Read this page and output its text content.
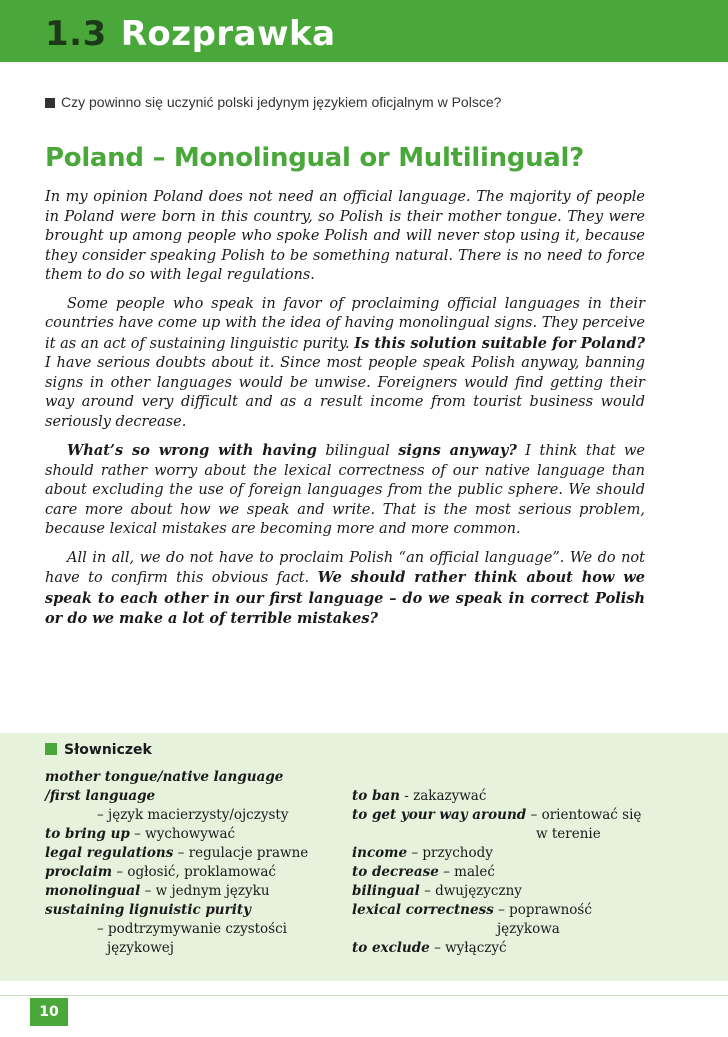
1.3 Rozprawka
Czy powinno się uczynić polski jedynym językiem oficjalnym w Polsce?
Poland – Monolingual or Multilingual?

In my opinion Poland does not need an official language. The majority of people in Poland were born in this country, so Polish is their mother tongue. They were brought up among people who spoke Polish and will never stop using it, because they consider speaking Polish to be something natural. There is no need to force them to do so with legal regulations.

Some people who speak in favor of proclaiming official languages in their countries have come up with the idea of having monolingual signs. They perceive it as an act of sustaining linguistic purity. Is this solution suitable for Poland? I have serious doubts about it. Since most people speak Polish anyway, banning signs in other languages would be unwise. Foreigners would find getting their way around very difficult and as a result income from tourist business would seriously decrease.

What’s so wrong with having bilingual signs anyway? I think that we should rather worry about the lexical correctness of our native language than about excluding the use of foreign languages from the public sphere. We should care more about how we speak and write. That is the most serious problem, because lexical mistakes are becoming more and more common.

All in all, we do not have to proclaim Polish “an official language”. We do not have to confirm this obvious fact. We should rather think about how we speak to each other in our first language – do we speak in correct Polish or do we make a lot of terrible mistakes?

Słowniczek
mother tongue/native language
/first language
– język macierzysty/ojczysty
to bring up – wychowywać
legal regulations – regulacje prawne
proclaim – ogłosić, proklamować
monolingual – w jednym języku
sustaining lignuistic purity
– podtrzymywanie czystości
językowej
to ban - zakazywać
to get your way around – orientować się
w terenie
income – przychody
to decrease – maleć
bilingual – dwujęzyczny
lexical correctness – poprawność
językowa
to exclude – wyłączyć
10
